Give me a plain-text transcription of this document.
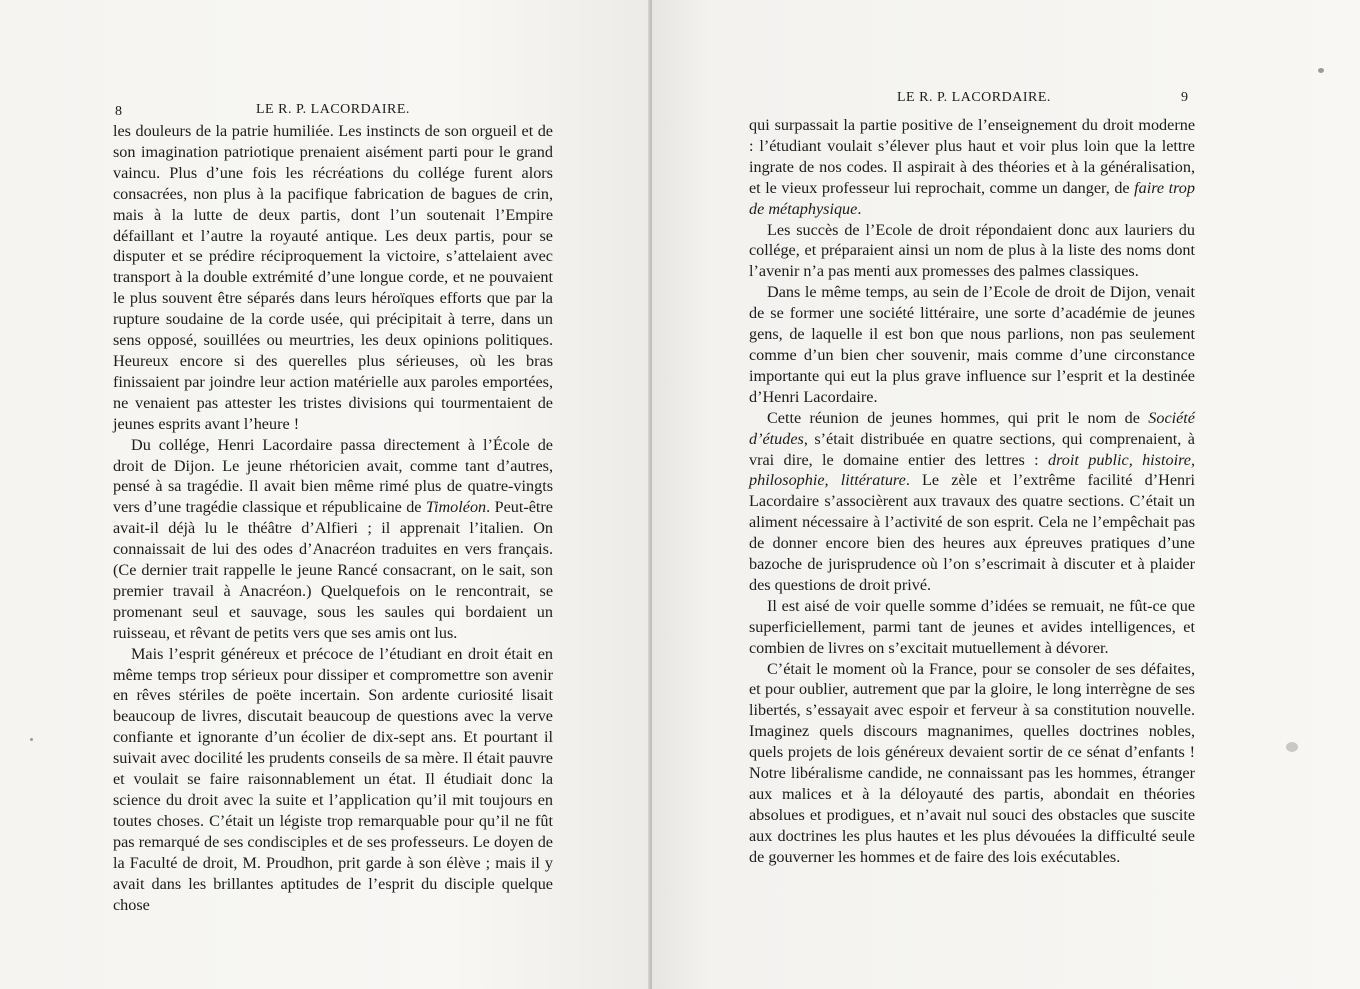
8	LE R. P. LACORDAIRE.

les douleurs de la patrie humiliée. Les instincts de son orgueil et de son imagination patriotique prenaient aisément parti pour le grand vaincu. Plus d’une fois les récréations du collége furent alors consacrées, non plus à la pacifique fabrication de bagues de crin, mais à la lutte de deux partis, dont l’un soutenait l’Empire défaillant et l’autre la royauté antique. Les deux partis, pour se disputer et se prédire réciproquement la victoire, s’attelaient avec transport à la double extrémité d’une longue corde, et ne pouvaient le plus souvent être séparés dans leurs héroïques efforts que par la rupture soudaine de la corde usée, qui précipitait à terre, dans un sens opposé, souillées ou meurtries, les deux opinions politiques. Heureux encore si des querelles plus sérieuses, où les bras finissaient par joindre leur action matérielle aux paroles emportées, ne venaient pas attester les tristes divisions qui tourmentaient de jeunes esprits avant l’heure !

Du collége, Henri Lacordaire passa directement à l’École de droit de Dijon. Le jeune rhétoricien avait, comme tant d’autres, pensé à sa tragédie. Il avait bien même rimé plus de quatre-vingts vers d’une tragédie classique et républicaine de Timoléon. Peut-être avait-il déjà lu le théâtre d’Alfieri ; il apprenait l’italien. On connaissait de lui des odes d’Anacréon traduites en vers français. (Ce dernier trait rappelle le jeune Rancé consacrant, on le sait, son premier travail à Anacréon.) Quelquefois on le rencontrait, se promenant seul et sauvage, sous les saules qui bordaient un ruisseau, et rêvant de petits vers que ses amis ont lus.

Mais l’esprit généreux et précoce de l’étudiant en droit était en même temps trop sérieux pour dissiper et compromettre son avenir en rêves stériles de poëte incertain. Son ardente curiosité lisait beaucoup de livres, discutait beaucoup de questions avec la verve confiante et ignorante d’un écolier de dix-sept ans. Et pourtant il suivait avec docilité les prudents conseils de sa mère. Il était pauvre et voulait se faire raisonnablement un état. Il étudiait donc la science du droit avec la suite et l’application qu’il mit toujours en toutes choses. C’était un légiste trop remarquable pour qu’il ne fût pas remarqué de ses condisciples et de ses professeurs. Le doyen de la Faculté de droit, M. Proudhon, prit garde à son élève ; mais il y avait dans les brillantes aptitudes de l’esprit du disciple quelque chose

LE R. P. LACORDAIRE.	9

qui surpassait la partie positive de l’enseignement du droit moderne : l’étudiant voulait s’élever plus haut et voir plus loin que la lettre ingrate de nos codes. Il aspirait à des théories et à la généralisation, et le vieux professeur lui reprochait, comme un danger, de faire trop de métaphysique.

Les succès de l’Ecole de droit répondaient donc aux lauriers du collége, et préparaient ainsi un nom de plus à la liste des noms dont l’avenir n’a pas menti aux promesses des palmes classiques.

Dans le même temps, au sein de l’Ecole de droit de Dijon, venait de se former une société littéraire, une sorte d’académie de jeunes gens, de laquelle il est bon que nous parlions, non pas seulement comme d’un bien cher souvenir, mais comme d’une circonstance importante qui eut la plus grave influence sur l’esprit et la destinée d’Henri Lacordaire.

Cette réunion de jeunes hommes, qui prit le nom de Société d’études, s’était distribuée en quatre sections, qui comprenaient, à vrai dire, le domaine entier des lettres : droit public, histoire, philosophie, littérature. Le zèle et l’extrême facilité d’Henri Lacordaire s’associèrent aux travaux des quatre sections. C’était un aliment nécessaire à l’activité de son esprit. Cela ne l’empêchait pas de donner encore bien des heures aux épreuves pratiques d’une bazoche de jurisprudence où l’on s’escrimait à discuter et à plaider des questions de droit privé.

Il est aisé de voir quelle somme d’idées se remuait, ne fût-ce que superficiellement, parmi tant de jeunes et avides intelligences, et combien de livres on s’excitait mutuellement à dévorer.

C’était le moment où la France, pour se consoler de ses défaites, et pour oublier, autrement que par la gloire, le long interrègne de ses libertés, s’essayait avec espoir et ferveur à sa constitution nouvelle. Imaginez quels discours magnanimes, quelles doctrines nobles, quels projets de lois généreux devaient sortir de ce sénat d’enfants ! Notre libéralisme candide, ne connaissant pas les hommes, étranger aux malices et à la déloyauté des partis, abondait en théories absolues et prodigues, et n’avait nul souci des obstacles que suscite aux doctrines les plus hautes et les plus dévouées la difficulté seule de gouverner les hommes et de faire des lois exécutables.
